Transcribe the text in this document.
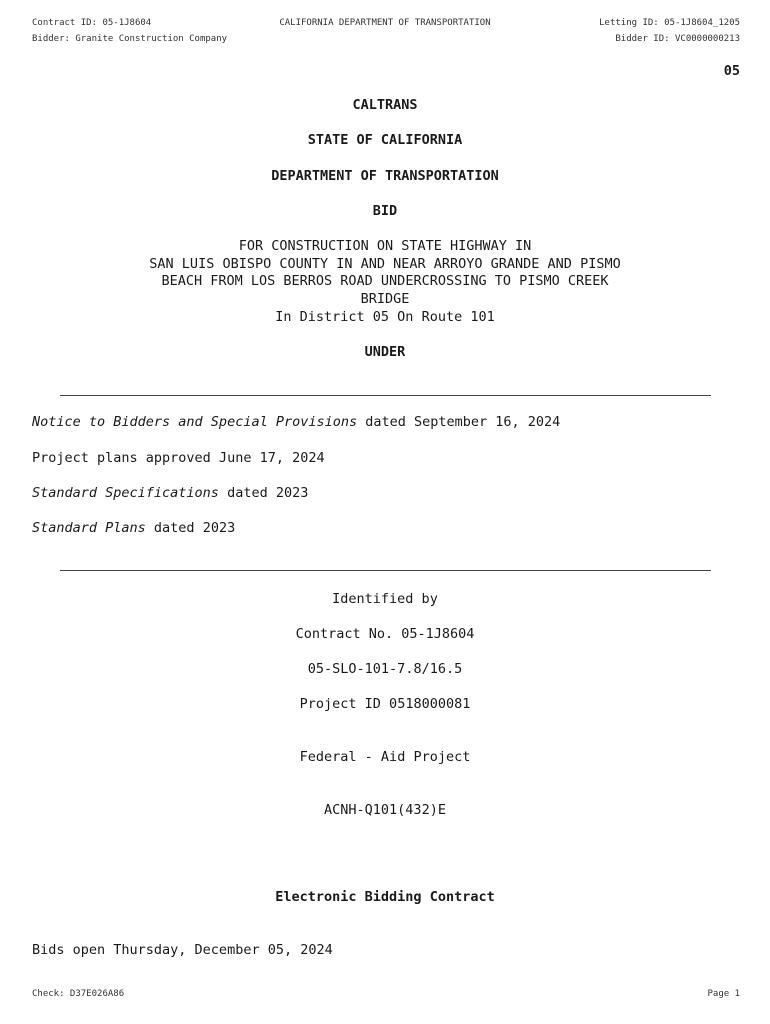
Contract ID: 05-1J8604	CALIFORNIA DEPARTMENT OF TRANSPORTATION	Letting ID: 05-1J8604_1205
Bidder: Granite Construction Company	Bidder ID: VC0000000213
05
CALTRANS
STATE OF CALIFORNIA
DEPARTMENT OF TRANSPORTATION
BID
FOR CONSTRUCTION ON STATE HIGHWAY IN
SAN LUIS OBISPO COUNTY IN AND NEAR ARROYO GRANDE AND PISMO
BEACH FROM LOS BERROS ROAD UNDERCROSSING TO PISMO CREEK
BRIDGE
In District 05 On Route 101
UNDER
Notice to Bidders and Special Provisions dated September 16, 2024
Project plans approved June 17, 2024
Standard Specifications dated 2023
Standard Plans dated 2023
Identified by
Contract No. 05-1J8604
05-SLO-101-7.8/16.5
Project ID 0518000081
Federal - Aid Project
ACNH-Q101(432)E
Electronic Bidding Contract
Bids open Thursday, December 05, 2024
Check: D37E026A86	Page 1
